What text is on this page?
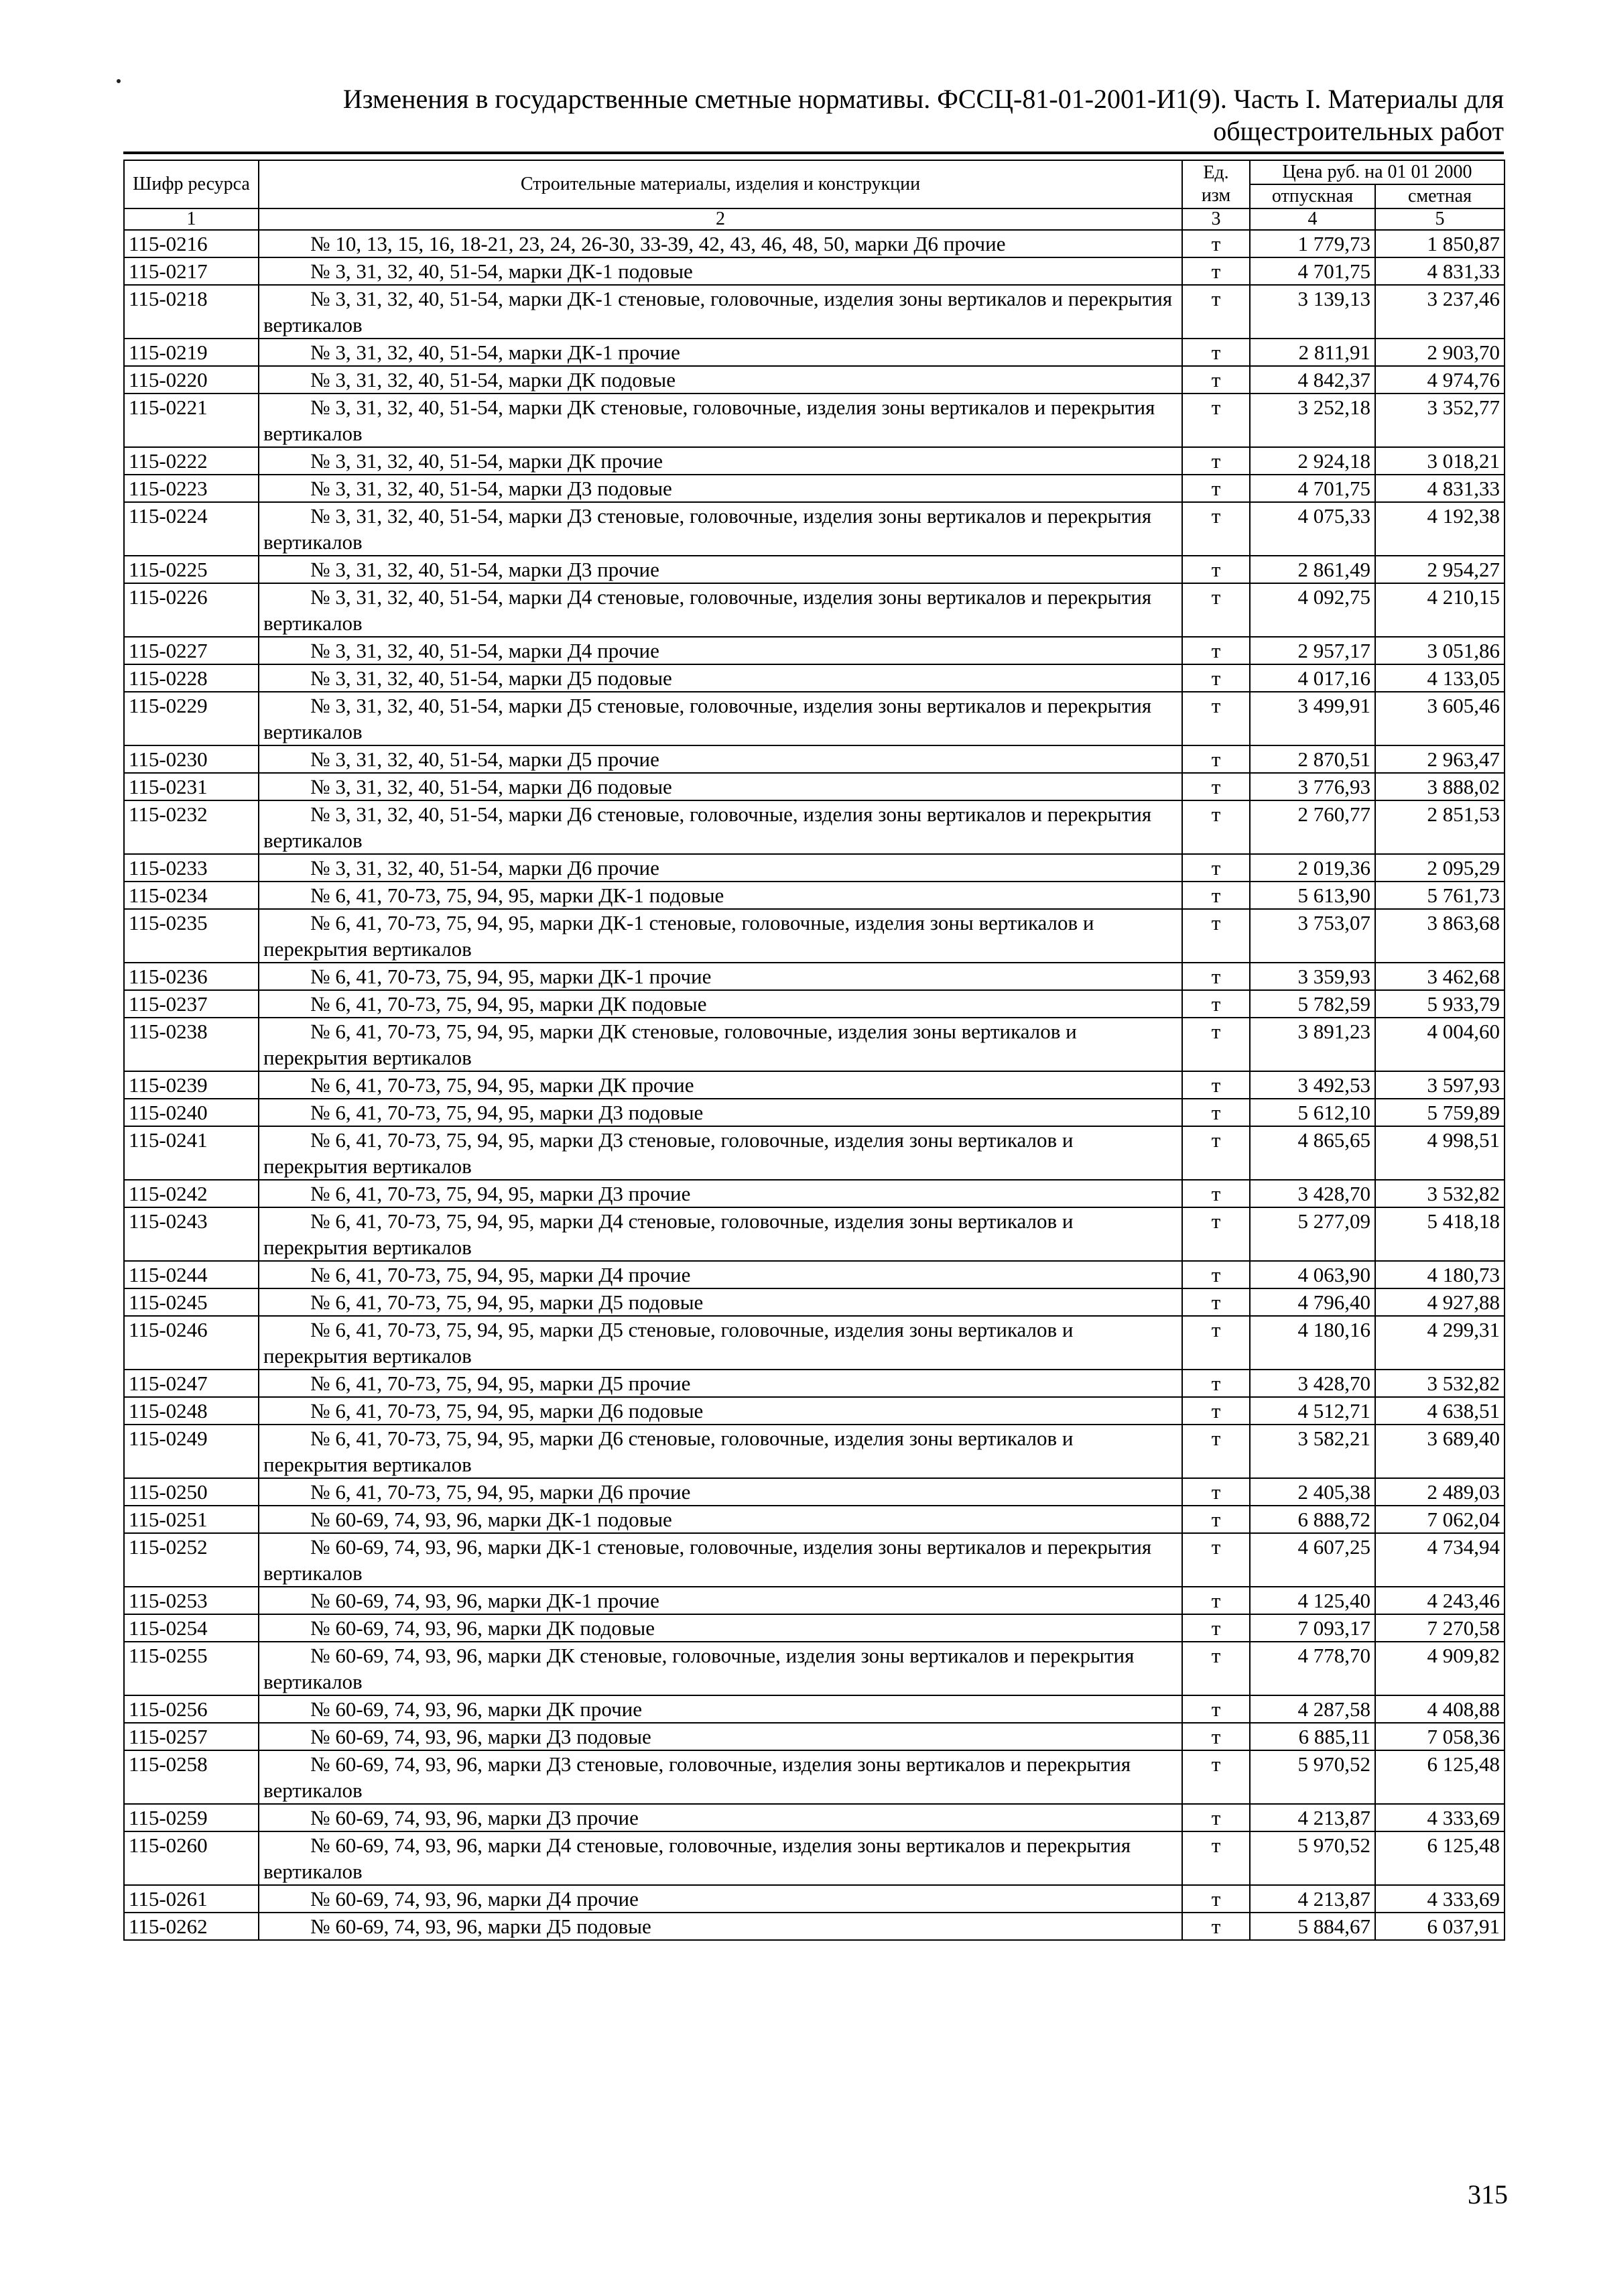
Изменения в государственные сметные нормативы. ФССЦ-81-01-2001-И1(9). Часть I. Материалы для
общестроительных работ
Шифр ресурса	Строительные материалы, изделия и конструкции	Ед. изм	Цена руб. на 01 01 2000	
			отпускная	сметная
1	2	3	4	5
115-0216	№ 10, 13, 15, 16, 18-21, 23, 24, 26-30, 33-39, 42, 43, 46, 48, 50, марки Д6 прочие	т	1 779,73	1 850,87
115-0217	№ 3, 31, 32, 40, 51-54, марки ДК-1 подовые	т	4 701,75	4 831,33
115-0218	№ 3, 31, 32, 40, 51-54, марки ДК-1 стеновые, головочные, изделия зоны вертикалов и перекрытия вертикалов	т	3 139,13	3 237,46
115-0219	№ 3, 31, 32, 40, 51-54, марки ДК-1 прочие	т	2 811,91	2 903,70
115-0220	№ 3, 31, 32, 40, 51-54, марки ДК подовые	т	4 842,37	4 974,76
115-0221	№ 3, 31, 32, 40, 51-54, марки ДК стеновые, головочные, изделия зоны вертикалов и перекрытия вертикалов	т	3 252,18	3 352,77
115-0222	№ 3, 31, 32, 40, 51-54, марки ДК прочие	т	2 924,18	3 018,21
115-0223	№ 3, 31, 32, 40, 51-54, марки Д3 подовые	т	4 701,75	4 831,33
115-0224	№ 3, 31, 32, 40, 51-54, марки Д3 стеновые, головочные, изделия зоны вертикалов и перекрытия вертикалов	т	4 075,33	4 192,38
115-0225	№ 3, 31, 32, 40, 51-54, марки Д3 прочие	т	2 861,49	2 954,27
115-0226	№ 3, 31, 32, 40, 51-54, марки Д4 стеновые, головочные, изделия зоны вертикалов и перекрытия вертикалов	т	4 092,75	4 210,15
115-0227	№ 3, 31, 32, 40, 51-54, марки Д4 прочие	т	2 957,17	3 051,86
115-0228	№ 3, 31, 32, 40, 51-54, марки Д5 подовые	т	4 017,16	4 133,05
115-0229	№ 3, 31, 32, 40, 51-54, марки Д5 стеновые, головочные, изделия зоны вертикалов и перекрытия вертикалов	т	3 499,91	3 605,46
115-0230	№ 3, 31, 32, 40, 51-54, марки Д5 прочие	т	2 870,51	2 963,47
115-0231	№ 3, 31, 32, 40, 51-54, марки Д6 подовые	т	3 776,93	3 888,02
115-0232	№ 3, 31, 32, 40, 51-54, марки Д6 стеновые, головочные, изделия зоны вертикалов и перекрытия вертикалов	т	2 760,77	2 851,53
115-0233	№ 3, 31, 32, 40, 51-54, марки Д6 прочие	т	2 019,36	2 095,29
115-0234	№ 6, 41, 70-73, 75, 94, 95, марки ДК-1 подовые	т	5 613,90	5 761,73
115-0235	№ 6, 41, 70-73, 75, 94, 95, марки ДК-1 стеновые, головочные, изделия зоны вертикалов и перекрытия вертикалов	т	3 753,07	3 863,68
115-0236	№ 6, 41, 70-73, 75, 94, 95, марки ДК-1 прочие	т	3 359,93	3 462,68
115-0237	№ 6, 41, 70-73, 75, 94, 95, марки ДК подовые	т	5 782,59	5 933,79
115-0238	№ 6, 41, 70-73, 75, 94, 95, марки ДК стеновые, головочные, изделия зоны вертикалов и перекрытия вертикалов	т	3 891,23	4 004,60
115-0239	№ 6, 41, 70-73, 75, 94, 95, марки ДК прочие	т	3 492,53	3 597,93
115-0240	№ 6, 41, 70-73, 75, 94, 95, марки Д3 подовые	т	5 612,10	5 759,89
115-0241	№ 6, 41, 70-73, 75, 94, 95, марки Д3 стеновые, головочные, изделия зоны вертикалов и перекрытия вертикалов	т	4 865,65	4 998,51
115-0242	№ 6, 41, 70-73, 75, 94, 95, марки Д3 прочие	т	3 428,70	3 532,82
115-0243	№ 6, 41, 70-73, 75, 94, 95, марки Д4 стеновые, головочные, изделия зоны вертикалов и перекрытия вертикалов	т	5 277,09	5 418,18
115-0244	№ 6, 41, 70-73, 75, 94, 95, марки Д4 прочие	т	4 063,90	4 180,73
115-0245	№ 6, 41, 70-73, 75, 94, 95, марки Д5 подовые	т	4 796,40	4 927,88
115-0246	№ 6, 41, 70-73, 75, 94, 95, марки Д5 стеновые, головочные, изделия зоны вертикалов и перекрытия вертикалов	т	4 180,16	4 299,31
115-0247	№ 6, 41, 70-73, 75, 94, 95, марки Д5 прочие	т	3 428,70	3 532,82
115-0248	№ 6, 41, 70-73, 75, 94, 95, марки Д6 подовые	т	4 512,71	4 638,51
115-0249	№ 6, 41, 70-73, 75, 94, 95, марки Д6 стеновые, головочные, изделия зоны вертикалов и перекрытия вертикалов	т	3 582,21	3 689,40
115-0250	№ 6, 41, 70-73, 75, 94, 95, марки Д6 прочие	т	2 405,38	2 489,03
115-0251	№ 60-69, 74, 93, 96, марки ДК-1 подовые	т	6 888,72	7 062,04
115-0252	№ 60-69, 74, 93, 96, марки ДК-1 стеновые, головочные, изделия зоны вертикалов и перекрытия вертикалов	т	4 607,25	4 734,94
115-0253	№ 60-69, 74, 93, 96, марки ДК-1 прочие	т	4 125,40	4 243,46
115-0254	№ 60-69, 74, 93, 96, марки ДК подовые	т	7 093,17	7 270,58
115-0255	№ 60-69, 74, 93, 96, марки ДК стеновые, головочные, изделия зоны вертикалов и перекрытия вертикалов	т	4 778,70	4 909,82
115-0256	№ 60-69, 74, 93, 96, марки ДК прочие	т	4 287,58	4 408,88
115-0257	№ 60-69, 74, 93, 96, марки Д3 подовые	т	6 885,11	7 058,36
115-0258	№ 60-69, 74, 93, 96, марки Д3 стеновые, головочные, изделия зоны вертикалов и перекрытия вертикалов	т	5 970,52	6 125,48
115-0259	№ 60-69, 74, 93, 96, марки Д3 прочие	т	4 213,87	4 333,69
115-0260	№ 60-69, 74, 93, 96, марки Д4 стеновые, головочные, изделия зоны вертикалов и перекрытия вертикалов	т	5 970,52	6 125,48
115-0261	№ 60-69, 74, 93, 96, марки Д4 прочие	т	4 213,87	4 333,69
115-0262	№ 60-69, 74, 93, 96, марки Д5 подовые	т	5 884,67	6 037,91
315
